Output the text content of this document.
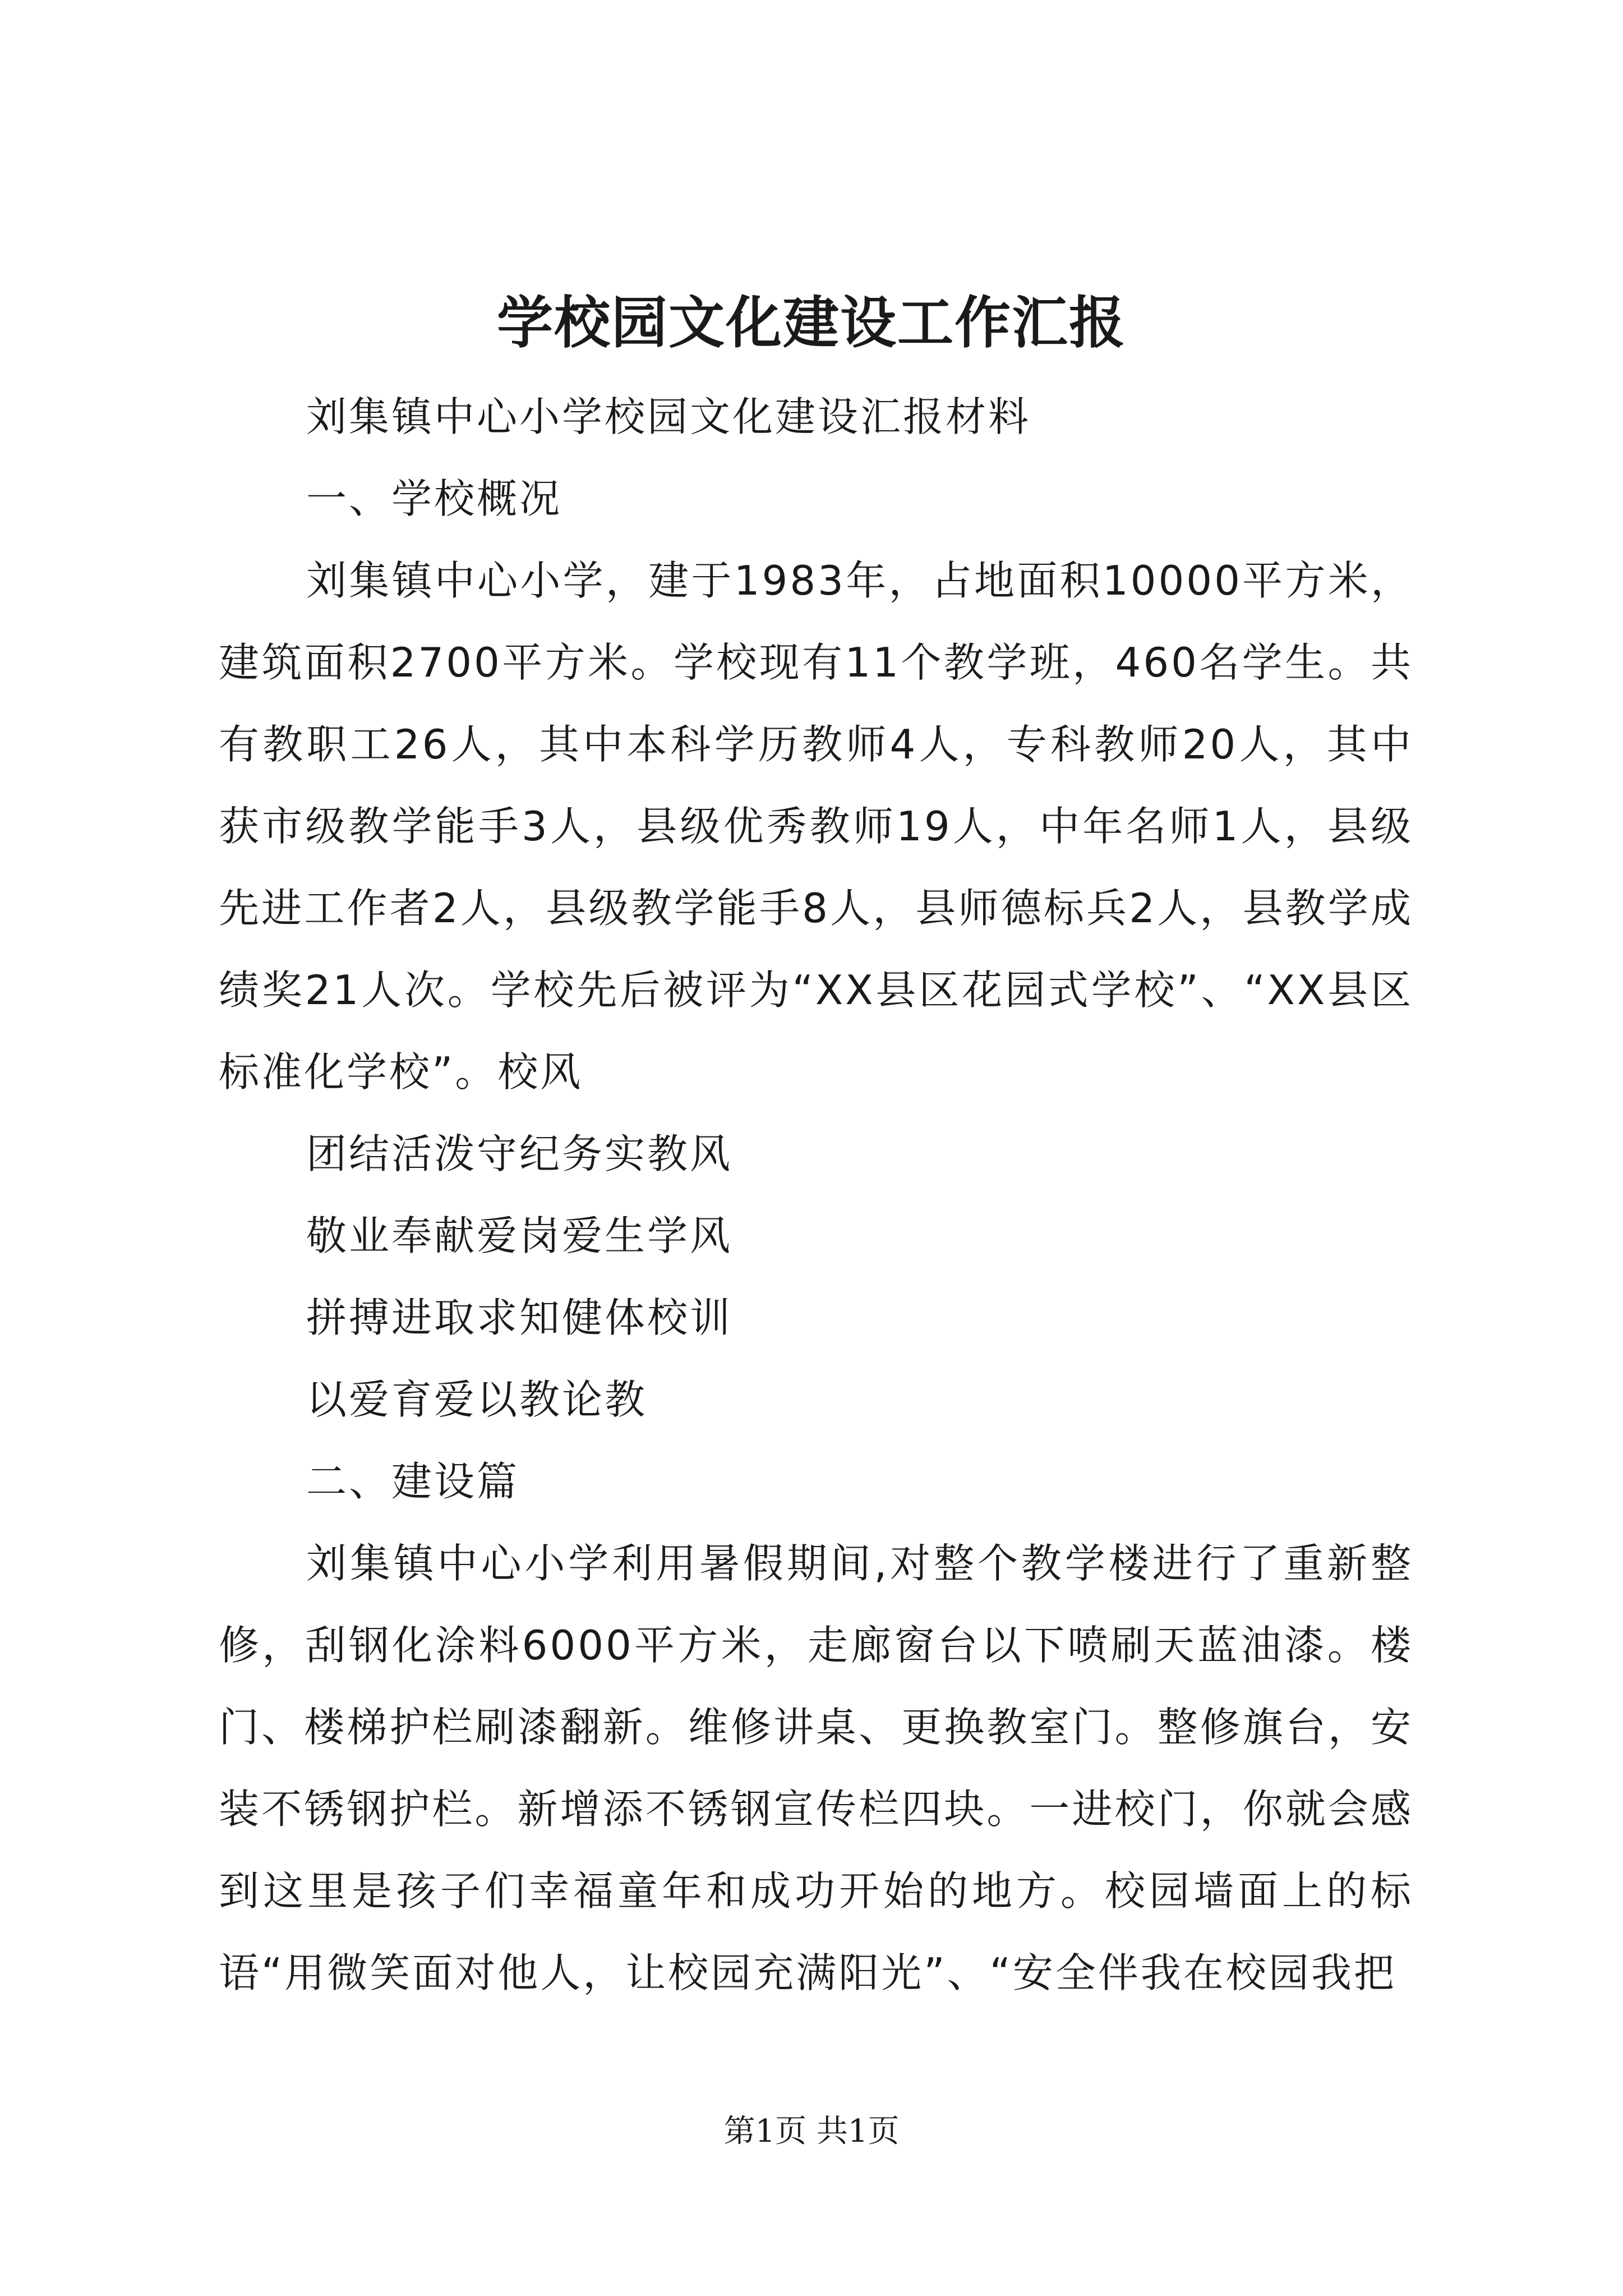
学校园文化建设工作汇报

刘集镇中心小学校园文化建设汇报材料

一、学校概况

刘集镇中心小学，建于1983年，占地面积10000平方米，建筑面积2700平方米。学校现有11个教学班，460名学生。共有教职工26人，其中本科学历教师4人，专科教师20人，其中获市级教学能手3人，县级优秀教师19人，中年名师1人，县级先进工作者2人，县级教学能手8人，县师德标兵2人，县教学成绩奖21人次。学校先后被评为“XX县区花园式学校”、“XX县区标准化学校”。校风

团结活泼守纪务实教风

敬业奉献爱岗爱生学风

拼搏进取求知健体校训

以爱育爱以教论教

二、建设篇

刘集镇中心小学利用暑假期间,对整个教学楼进行了重新整修，刮钢化涂料6000平方米，走廊窗台以下喷刷天蓝油漆。楼门、楼梯护栏刷漆翻新。维修讲桌、更换教室门。整修旗台，安装不锈钢护栏。新增添不锈钢宣传栏四块。一进校门，你就会感到这里是孩子们幸福童年和成功开始的地方。校园墙面上的标语“用微笑面对他人，让校园充满阳光”、“安全伴我在校园我把

第1页 共1页
